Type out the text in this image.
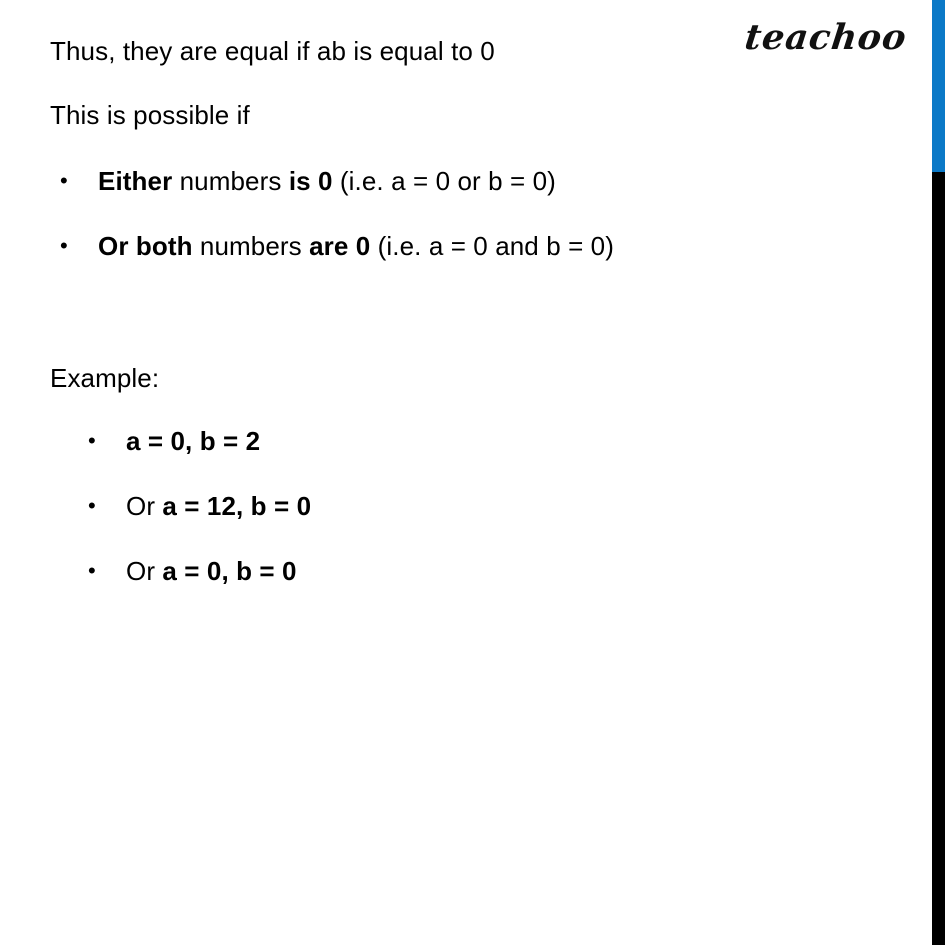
teachoo
Thus, they are equal if ab is equal to 0
This is possible if
• Either numbers is 0 (i.e. a = 0 or b = 0)
• Or both numbers are 0 (i.e. a = 0 and b = 0)
Example:
• a = 0, b = 2
• Or a = 12, b = 0
• Or a = 0, b = 0
